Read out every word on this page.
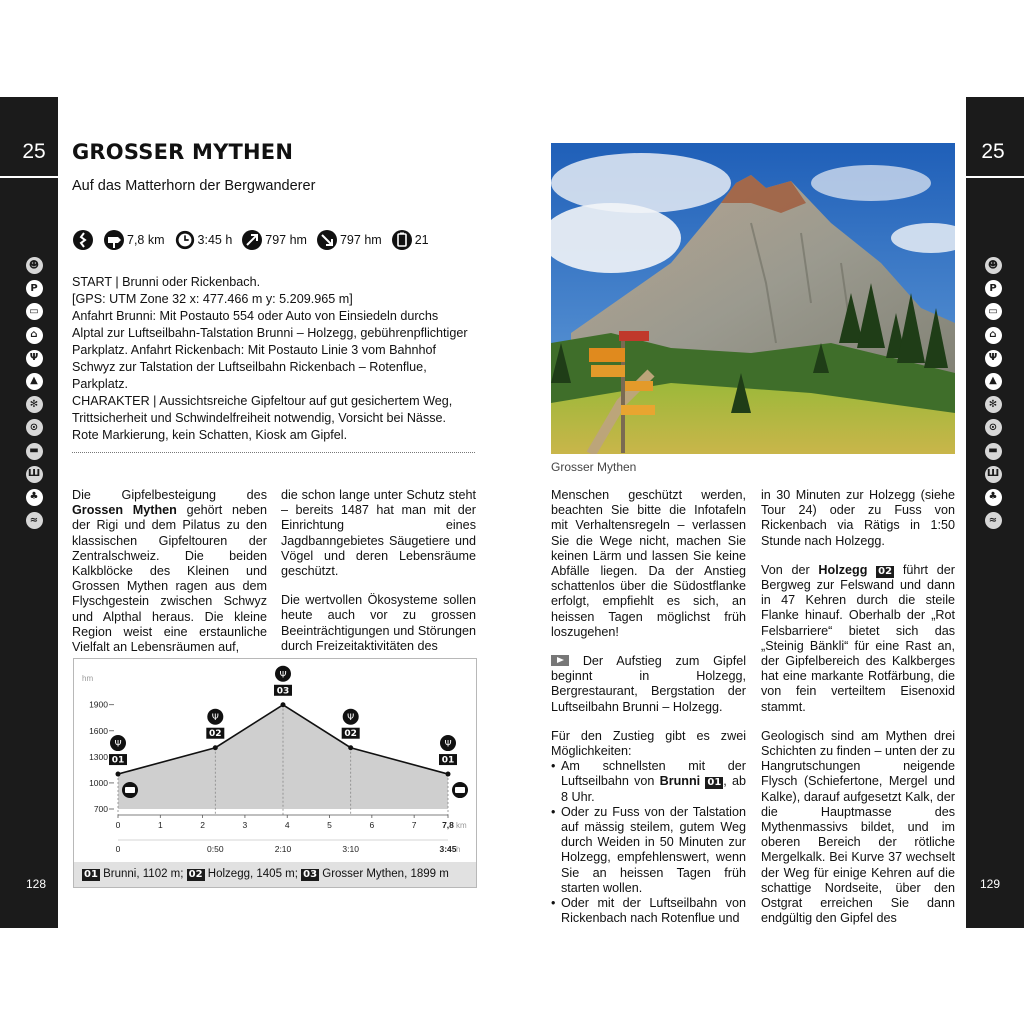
25	25
128	129
☻
P
▭
⌂
Ψ
▲
✻
⊙
▬
Ш
♣
≈
☻
P
▭
⌂
Ψ
▲
✻
⊙
▬
Ш
♣
≈
GROSSER MYTHEN
Auf das Matterhorn der Bergwanderer
7,8 km	3:45 h	797 hm	797 hm	21

START | Brunni oder Rickenbach.

[GPS: UTM Zone 32 x: 477.466 m y: 5.209.965 m]

Anfahrt Brunni: Mit Postauto 554 oder Auto von Einsiedeln durchs Alptal zur Luftseilbahn-Talstation Brunni – Holzegg, gebührenpflichtiger Parkplatz. Anfahrt Rickenbach: Mit Postauto Linie 3 vom Bahnhof Schwyz zur Talstation der Luftseilbahn Rickenbach – Rotenflue, Parkplatz.

CHARAKTER | Aussichtsreiche Gipfeltour auf gut gesichertem Weg, Trittsicherheit und Schwindelfreiheit notwendig, Vorsicht bei Nässe. Rote Markierung, kein Schatten, Kiosk am Gipfel.

Die Gipfelbesteigung des Grossen Mythen gehört neben der Rigi und dem Pilatus zu den klassischen Gipfeltouren der Zentralschweiz. Die beiden Kalkblöcke des Kleinen und Grossen Mythen ragen aus dem Flyschgestein zwischen Schwyz und Alpthal heraus. Die kleine Region weist eine erstaunliche Vielfalt an Lebensräumen auf,

die schon lange unter Schutz steht – bereits 1487 hat man mit der Einrichtung eines Jagdbanngebietes Säugetiere und Vögel und deren Lebensräume geschützt.

Die wertvollen Ökosysteme sollen heute auch vor zu grossen Beeinträchtigungen und Störungen durch Freizeitaktivitäten des

hm
700
1000
1300
1600
1900
0	1	2	3	4	5	6	7	7,8 km
0	0:50	2:10	3:10	3:45 h
01
Ψ
02
Ψ
03
Ψ
02
Ψ
01
Ψ
01 Brunni, 1102 m; 02 Holzegg, 1405 m; 03 Grosser Mythen, 1899 m
Grosser Mythen

Menschen geschützt werden, beachten Sie bitte die Infotafeln mit Verhaltensregeln – verlassen Sie die Wege nicht, machen Sie keinen Lärm und lassen Sie keine Abfälle liegen. Da der Anstieg schattenlos über die Südostflanke erfolgt, empfiehlt es sich, an heissen Tagen möglichst früh loszugehen!

Der Aufstieg zum Gipfel beginnt in Holzegg, Bergrestaurant, Bergstation der Luftseilbahn Brunni – Holzegg.

Für den Zustieg gibt es zwei Möglichkeiten:

• Am schnellsten mit der Luftseilbahn von Brunni 01 , ab 8 Uhr.
• Oder zu Fuss von der Talstation auf mässig steilem, gutem Weg durch Weiden in 50 Minuten zur Holzegg, empfehlenswert, wenn Sie an heissen Tagen früh starten wollen.
• Oder mit der Luftseilbahn von Rickenbach nach Rotenflue und

in 30 Minuten zur Holzegg (siehe Tour 24) oder zu Fuss von Rickenbach via Rätigs in 1:50 Stunde nach Holzegg.

Von der Holzegg 02 führt der Bergweg zur Felswand und dann in 47 Kehren durch die steile Flanke hinauf. Oberhalb der „Rot Felsbarriere“ bietet sich das „Steinig Bänkli“ für eine Rast an, der Gipfelbereich des Kalkberges hat eine markante Rotfärbung, die von fein verteiltem Eisenoxid stammt.

Geologisch sind am Mythen drei Schichten zu finden – unten der zu Hangrutschungen neigende Flysch (Schiefertone, Mergel und Kalke), darauf aufgesetzt Kalk, der die Hauptmasse des Mythenmassivs bildet, und im oberen Bereich der rötliche Mergelkalk. Bei Kurve 37 wechselt der Weg für einige Kehren auf die schattige Nordseite, über den Ostgrat erreichen Sie dann endgültig den Gipfel des
